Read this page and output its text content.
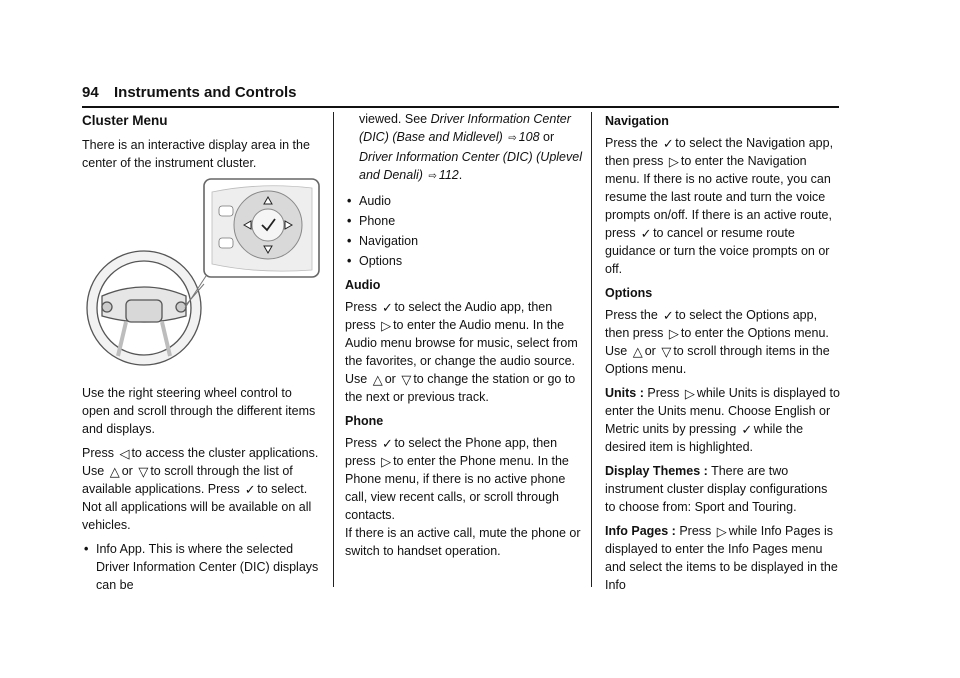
94 Instruments and Controls
Cluster Menu

There is an interactive display area in the center of the instrument cluster.

Use the right steering wheel control to open and scroll through the different items and displays.

Press ◁ to access the cluster applications. Use △ or ▽ to scroll through the list of available applications. Press ✓ to select. Not all applications will be available on all vehicles.

• Info App. This is where the selected Driver Information Center (DIC) displays can be

viewed. See Driver Information Center (DIC) (Base and Midlevel) ⇨ 108 or Driver Information Center (DIC) (Uplevel and Denali) ⇨ 112.

• Audio
• Phone
• Navigation
• Options
Audio

Press ✓ to select the Audio app, then press ▷ to enter the Audio menu. In the Audio menu browse for music, select from the favorites, or change the audio source. Use △ or ▽ to change the station or go to the next or previous track.

Phone

Press ✓ to select the Phone app, then press ▷ to enter the Phone menu. In the Phone menu, if there is no active phone call, view recent calls, or scroll through contacts.

If there is an active call, mute the phone or switch to handset operation.

Navigation

Press the ✓ to select the Navigation app, then press ▷ to enter the Navigation menu. If there is no active route, you can resume the last route and turn the voice prompts on/off. If there is an active route, press ✓ to cancel or resume route guidance or turn the voice prompts on or off.

Options

Press the ✓ to select the Options app, then press ▷ to enter the Options menu. Use △ or ▽ to scroll through items in the Options menu.

Units : Press ▷ while Units is displayed to enter the Units menu. Choose English or Metric units by pressing ✓ while the desired item is highlighted.

Display Themes : There are two instrument cluster display configurations to choose from: Sport and Touring.

Info Pages : Press ▷ while Info Pages is displayed to enter the Info Pages menu and select the items to be displayed in the Info
